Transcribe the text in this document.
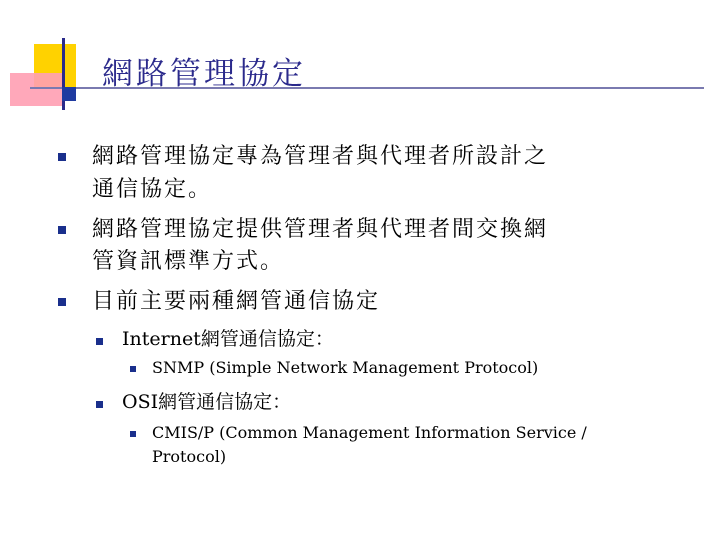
網路管理協定
網路管理協定專為管理者與代理者所設計之
通信協定。
網路管理協定提供管理者與代理者間交換網
管資訊標準方式。
目前主要兩種網管通信協定
Internet網管通信協定：
SNMP (Simple Network Management Protocol)
OSI網管通信協定：
CMIS/P (Common Management Information Service /
Protocol)
